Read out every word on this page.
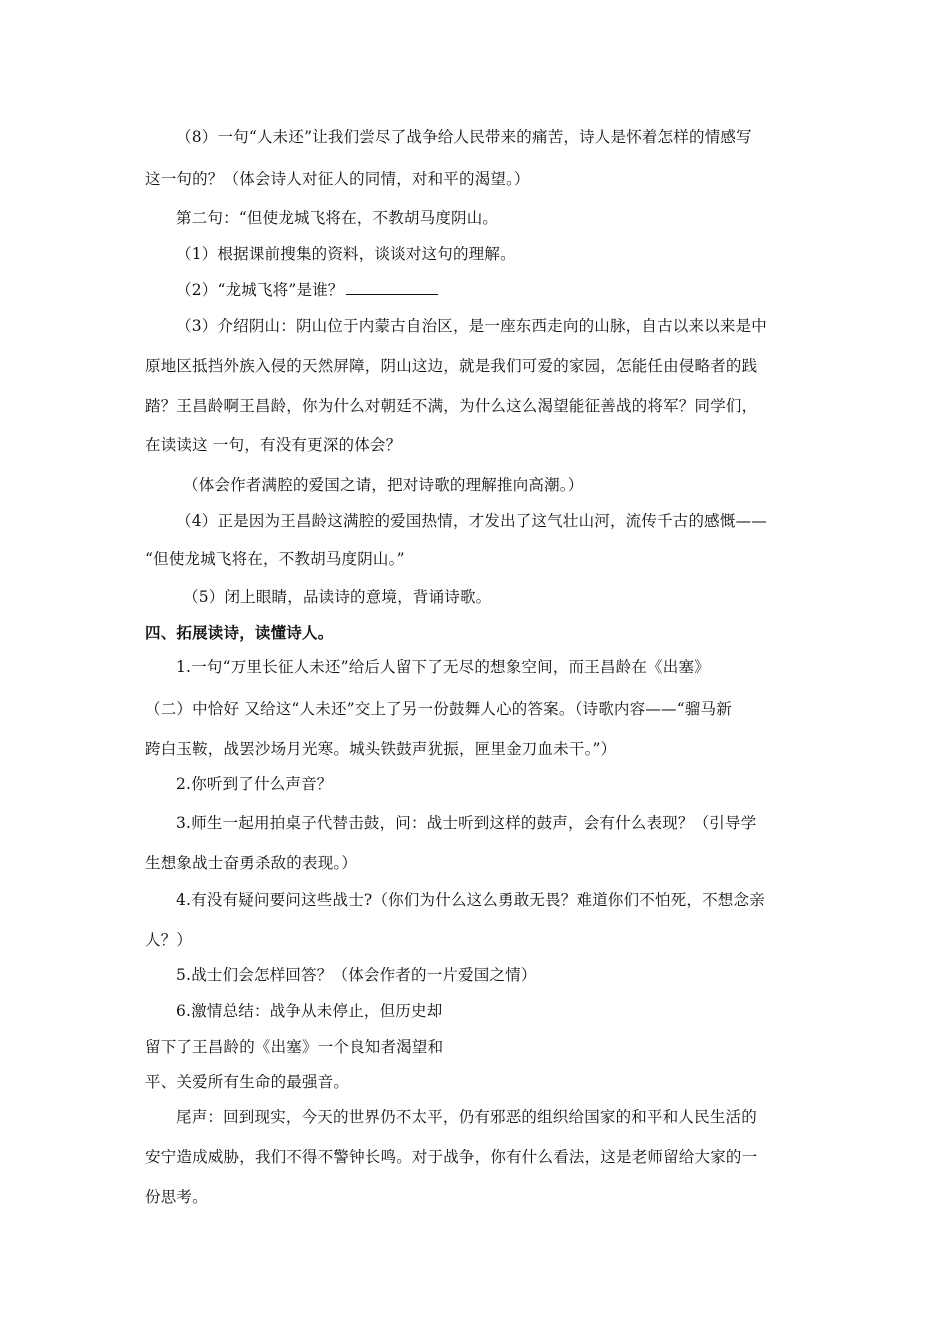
（8）一句“人未还”让我们尝尽了战争给人民带来的痛苦，诗人是怀着怎样的情感写
这一句的？（体会诗人对征人的同情，对和平的渴望。）
第二句：“但使龙城飞将在，不教胡马度阴山。
（1）根据课前搜集的资料，谈谈对这句的理解。
（2）“龙城飞将”是谁？
（3）介绍阴山：阴山位于内蒙古自治区，是一座东西走向的山脉，自古以来以来是中
原地区抵挡外族入侵的天然屏障，阴山这边，就是我们可爱的家园，怎能任由侵略者的践
踏？王昌龄啊王昌龄，你为什么对朝廷不满，为什么这么渴望能征善战的将军？同学们，
在读读这 一句，有没有更深的体会？
（体会作者满腔的爱国之请，把对诗歌的理解推向高潮。）
（4）正是因为王昌龄这满腔的爱国热情，才发出了这气壮山河，流传千古的感慨——
“但使龙城飞将在，不教胡马度阴山。”
（5）闭上眼睛，品读诗的意境，背诵诗歌。
四、拓展读诗，读懂诗人。
1.一句“万里长征人未还”给后人留下了无尽的想象空间，而王昌龄在《出塞》
（二）中恰好 又给这“人未还”交上了另一份鼓舞人心的答案。（诗歌内容——“骝马新
跨白玉鞍，战罢沙场月光寒。城头铁鼓声犹振，匣里金刀血未干。”）
2.你听到了什么声音？
3.师生一起用拍桌子代替击鼓，问：战士听到这样的鼓声，会有什么表现？（引导学
生想象战士奋勇杀敌的表现。）
4.有没有疑问要问这些战士?（你们为什么这么勇敢无畏？难道你们不怕死，不想念亲
人？）
5.战士们会怎样回答？（体会作者的一片爱国之情）
6.激情总结：战争从未停止，但历史却
留下了王昌龄的《出塞》一个良知者渴望和
平、关爱所有生命的最强音。
尾声：回到现实，今天的世界仍不太平，仍有邪恶的组织给国家的和平和人民生活的
安宁造成威胁，我们不得不警钟长鸣。对于战争，你有什么看法，这是老师留给大家的一
份思考。
